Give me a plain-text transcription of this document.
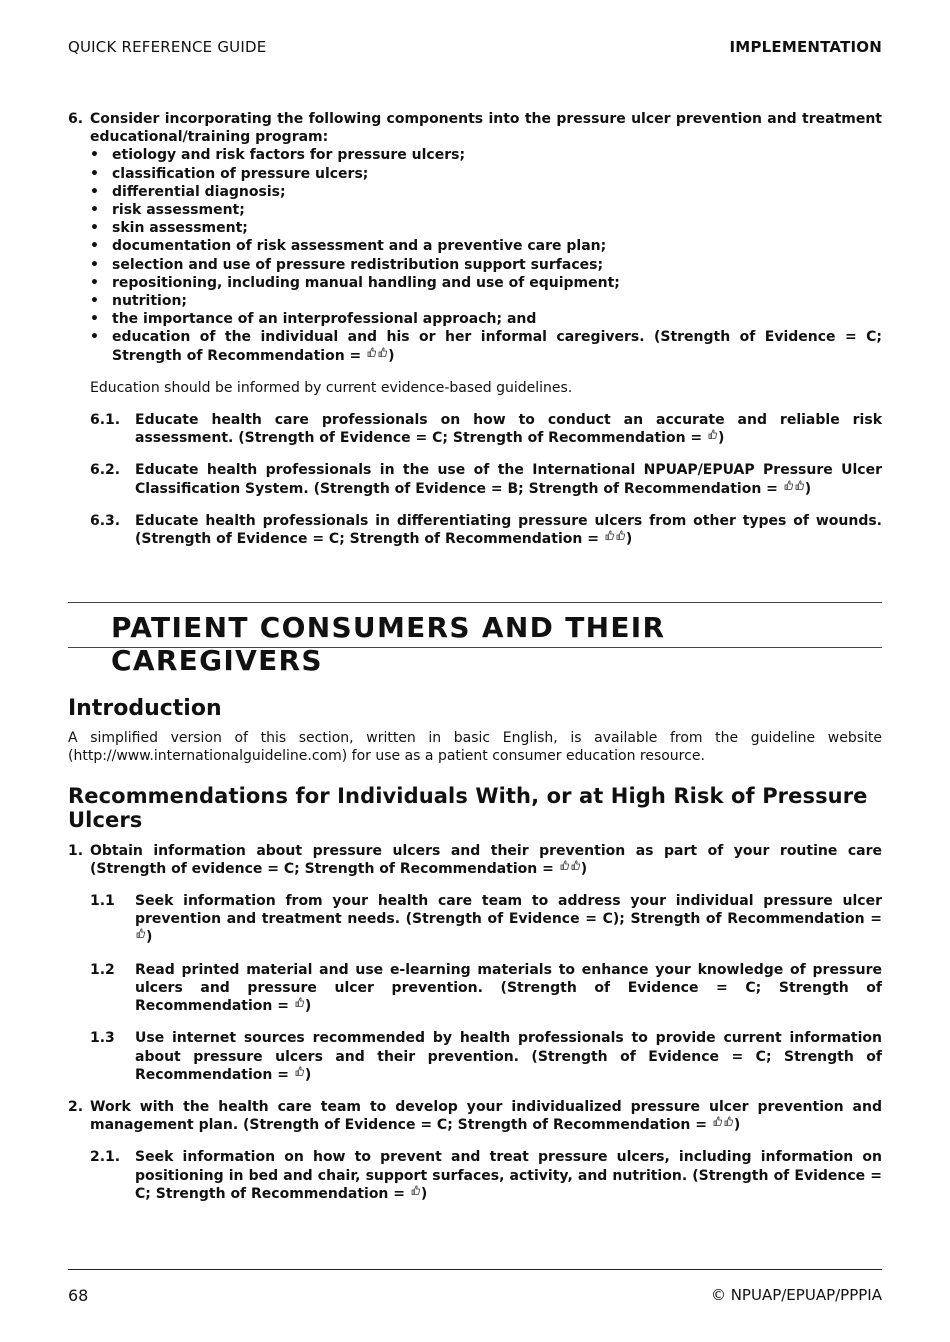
QUICK REFERENCE GUIDE	IMPLEMENTATION
6. Consider incorporating the following components into the pressure ulcer prevention and treatment educational/training program:
• etiology and risk factors for pressure ulcers;
• classification of pressure ulcers;
• differential diagnosis;
• risk assessment;
• skin assessment;
• documentation of risk assessment and a preventive care plan;
• selection and use of pressure redistribution support surfaces;
• repositioning, including manual handling and use of equipment;
• nutrition;
• the importance of an interprofessional approach; and
• education of the individual and his or her informal caregivers. (Strength of Evidence = C; Strength of Recommendation = )
Education should be informed by current evidence-based guidelines.
6.1.	Educate health care professionals on how to conduct an accurate and reliable risk assessment. (Strength of Evidence = C; Strength of Recommendation = )
6.2.	Educate health professionals in the use of the International NPUAP/EPUAP Pressure Ulcer Classification System. (Strength of Evidence = B; Strength of Recommendation = )
6.3.	Educate health professionals in differentiating pressure ulcers from other types of wounds. (Strength of Evidence = C; Strength of Recommendation = )
PATIENT CONSUMERS AND THEIR CAREGIVERS
Introduction
A simplified version of this section, written in basic English, is available from the guideline website (http://www.internationalguideline.com) for use as a patient consumer education resource.
Recommendations for Individuals With, or at High Risk of Pressure Ulcers
1. Obtain information about pressure ulcers and their prevention as part of your routine care (Strength of evidence = C; Strength of Recommendation = )
1.1	Seek information from your health care team to address your individual pressure ulcer prevention and treatment needs. (Strength of Evidence = C); Strength of Recommendation =
)
1.2	Read printed material and use e-learning materials to enhance your knowledge of pressure ulcers and pressure ulcer prevention. (Strength of Evidence = C; Strength of Recommendation = )
1.3	Use internet sources recommended by health professionals to provide current information about pressure ulcers and their prevention. (Strength of Evidence = C; Strength of Recommendation = )
2. Work with the health care team to develop your individualized pressure ulcer prevention and management plan. (Strength of Evidence = C; Strength of Recommendation = )
2.1.	Seek information on how to prevent and treat pressure ulcers, including information on positioning in bed and chair, support surfaces, activity, and nutrition. (Strength of Evidence = C; Strength of Recommendation = )
68	© NPUAP/EPUAP/PPPIA
